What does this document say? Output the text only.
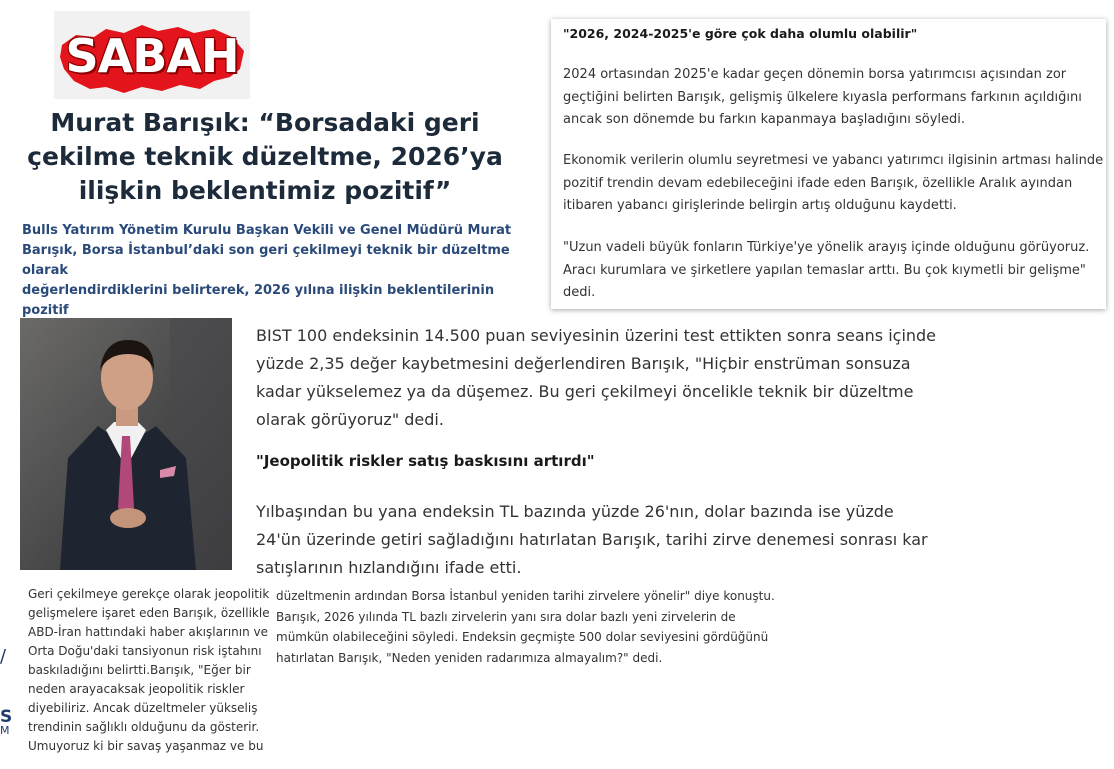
SABAH
Murat Barışık: “Borsadaki geri
çekilme teknik düzeltme, 2026’ya
ilişkin beklentimiz pozitif”
Bulls Yatırım Yönetim Kurulu Başkan Vekili ve Genel Müdürü Murat
Barışık, Borsa İstanbul’daki son geri çekilmeyi teknik bir düzeltme olarak
değerlendirdiklerini belirterek, 2026 yılına ilişkin beklentilerinin pozitif
"2026, 2024-2025'e göre çok daha olumlu olabilir"

2024 ortasından 2025'e kadar geçen dönemin borsa yatırımcısı açısından zor

geçtiğini belirten Barışık, gelişmiş ülkelere kıyasla performans farkının açıldığını

ancak son dönemde bu farkın kapanmaya başladığını söyledi.

Ekonomik verilerin olumlu seyretmesi ve yabancı yatırımcı ilgisinin artması halinde

pozitif trendin devam edebileceğini ifade eden Barışık, özellikle Aralık ayından

itibaren yabancı girişlerinde belirgin artış olduğunu kaydetti.

"Uzun vadeli büyük fonların Türkiye'ye yönelik arayış içinde olduğunu görüyoruz.

Aracı kurumlara ve şirketlere yapılan temaslar arttı. Bu çok kıymetli bir gelişme"

dedi.

BIST 100 endeksinin 14.500 puan seviyesinin üzerini test ettikten sonra seans içinde
yüzde 2,35 değer kaybetmesini değerlendiren Barışık, "Hiçbir enstrüman sonsuza
kadar yükselemez ya da düşemez. Bu geri çekilmeyi öncelikle teknik bir düzeltme
olarak görüyoruz" dedi.
"Jeopolitik riskler satış baskısını artırdı"
Yılbaşından bu yana endeksin TL bazında yüzde 26'nın, dolar bazında ise yüzde
24'ün üzerinde getiri sağladığını hatırlatan Barışık, tarihi zirve denemesi sonrası kar
satışlarının hızlandığını ifade etti.
Geri çekilmeye gerekçe olarak jeopolitik
gelişmelere işaret eden Barışık, özellikle
ABD-İran hattındaki haber akışlarının ve
Orta Doğu'daki tansiyonun risk iştahını
baskıladığını belirtti.Barışık, "Eğer bir
neden arayacaksak jeopolitik riskler
diyebiliriz. Ancak düzeltmeler yükseliş
trendinin sağlıklı olduğunu da gösterir.
Umuyoruz ki bir savaş yaşanmaz ve bu
düzeltmenin ardından Borsa İstanbul yeniden tarihi zirvelere yönelir" diye konuştu.
Barışık, 2026 yılında TL bazlı zirvelerin yanı sıra dolar bazlı yeni zirvelerin de
mümkün olabileceğini söyledi. Endeksin geçmişte 500 dolar seviyesini gördüğünü
hatırlatan Barışık, "Neden yeniden radarımıza almayalım?" dedi.
/
S
M
